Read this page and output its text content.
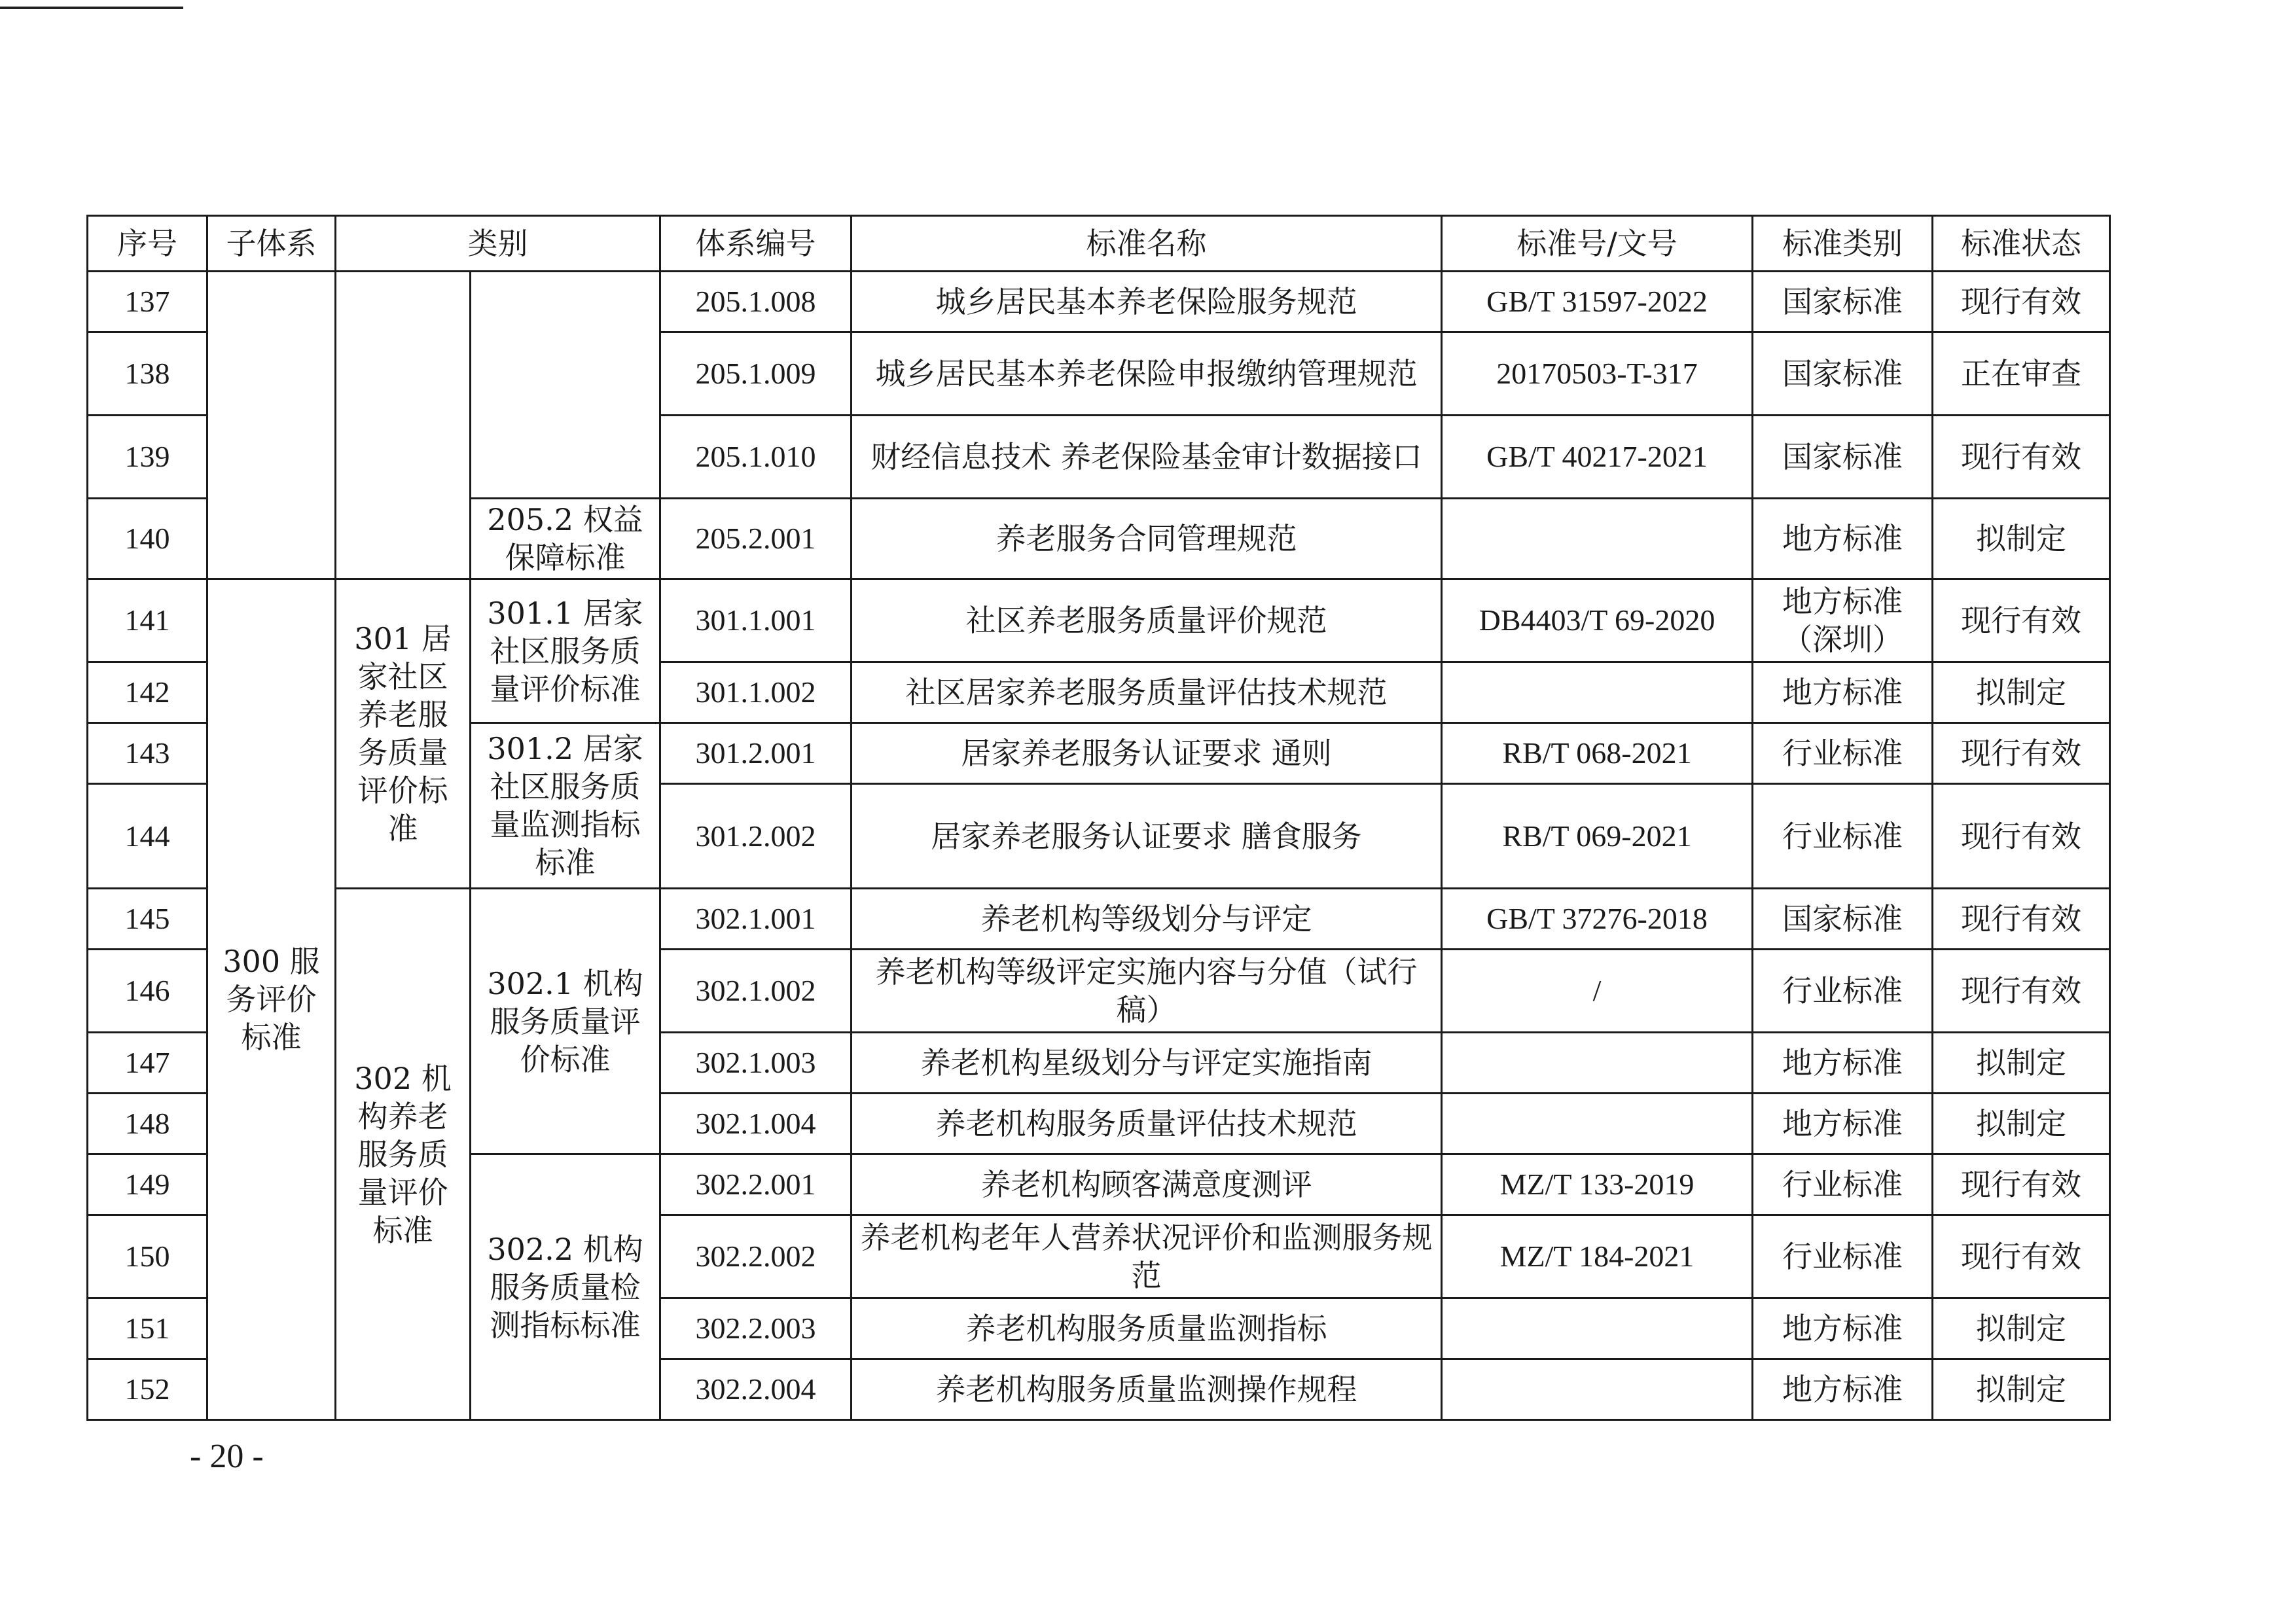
序号	子体系	类别		体系编号	标准名称	标准号/文号	标准类别	标准状态
137				205.1.008	城乡居民基本养老保险服务规范	GB/T 31597-2022	国家标准	现行有效
138				205.1.009	城乡居民基本养老保险申报缴纳管理规范	20170503-T-317	国家标准	正在审查
139				205.1.010	财经信息技术 养老保险基金审计数据接口	GB/T 40217-2021	国家标准	现行有效
140			205.2 权益保障标准	205.2.001	养老服务合同管理规范		地方标准	拟制定
141	300 服务评价标准	301 居家社区养老服务质量评价标准	301.1 居家社区服务质量评价标准	301.1.001	社区养老服务质量评价规范	DB4403/T 69-2020	地方标准（深圳）	现行有效
142				301.1.002	社区居家养老服务质量评估技术规范		地方标准	拟制定
143			301.2 居家社区服务质量监测指标标准	301.2.001	居家养老服务认证要求 通则	RB/T 068-2021	行业标准	现行有效
144				301.2.002	居家养老服务认证要求 膳食服务	RB/T 069-2021	行业标准	现行有效
145		302 机构养老服务质量评价标准	302.1 机构服务质量评价标准	302.1.001	养老机构等级划分与评定	GB/T 37276-2018	国家标准	现行有效
146				302.1.002	养老机构等级评定实施内容与分值（试行稿）	/	行业标准	现行有效
147				302.1.003	养老机构星级划分与评定实施指南		地方标准	拟制定
148				302.1.004	养老机构服务质量评估技术规范		地方标准	拟制定
149			302.2 机构服务质量检测指标标准	302.2.001	养老机构顾客满意度测评	MZ/T 133-2019	行业标准	现行有效
150				302.2.002	养老机构老年人营养状况评价和监测服务规范	MZ/T 184-2021	行业标准	现行有效
151				302.2.003	养老机构服务质量监测指标		地方标准	拟制定
152				302.2.004	养老机构服务质量监测操作规程		地方标准	拟制定
- 20 -
